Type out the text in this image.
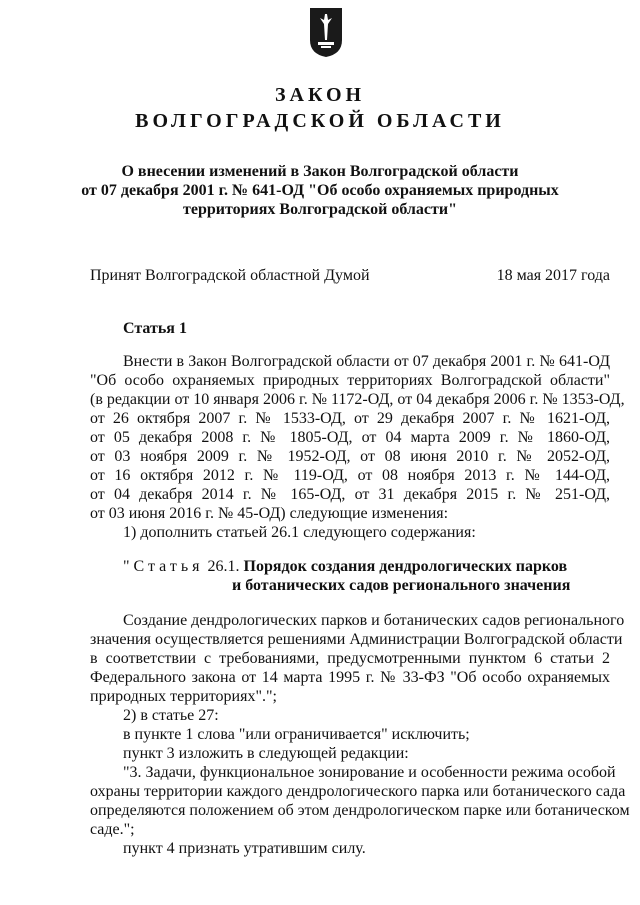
ЗАКОН
ВОЛГОГРАДСКОЙ ОБЛАСТИ
О внесении изменений в Закон Волгоградской области
от 07 декабря 2001 г. № 641-ОД "Об особо охраняемых природных
территориях Волгоградской области"
Принят Волгоградской областной Думой	18 мая 2017 года
Статья 1
Внести в Закон Волгоградской области от 07 декабря 2001 г. № 641-ОД
"Об особо охраняемых природных территориях Волгоградской области"
(в редакции от 10 января 2006 г. № 1172-ОД, от 04 декабря 2006 г. № 1353-ОД,
от 26 октября 2007 г. № 1533-ОД, от 29 декабря 2007 г. № 1621-ОД,
от 05 декабря 2008 г. № 1805-ОД, от 04 марта 2009 г. № 1860-ОД,
от 03 ноября 2009 г. № 1952-ОД, от 08 июня 2010 г. № 2052-ОД,
от 16 октября 2012 г. № 119-ОД, от 08 ноября 2013 г. № 144-ОД,
от 04 декабря 2014 г. № 165-ОД, от 31 декабря 2015 г. № 251-ОД,
от 03 июня 2016 г. № 45-ОД) следующие изменения:
1) дополнить статьей 26.1 следующего содержания:
"Статья 26.1. Порядок создания дендрологических парков
и ботанических садов регионального значения
Создание дендрологических парков и ботанических садов регионального
значения осуществляется решениями Администрации Волгоградской области
в соответствии с требованиями, предусмотренными пунктом 6 статьи 2
Федерального закона от 14 марта 1995 г. № 33-ФЗ "Об особо охраняемых
природных территориях".";
2) в статье 27:
в пункте 1 слова "или ограничивается" исключить;
пункт 3 изложить в следующей редакции:
"3. Задачи, функциональное зонирование и особенности режима особой
охраны территории каждого дендрологического парка или ботанического сада
определяются положением об этом дендрологическом парке или ботаническом
саде.";
пункт 4 признать утратившим силу.
